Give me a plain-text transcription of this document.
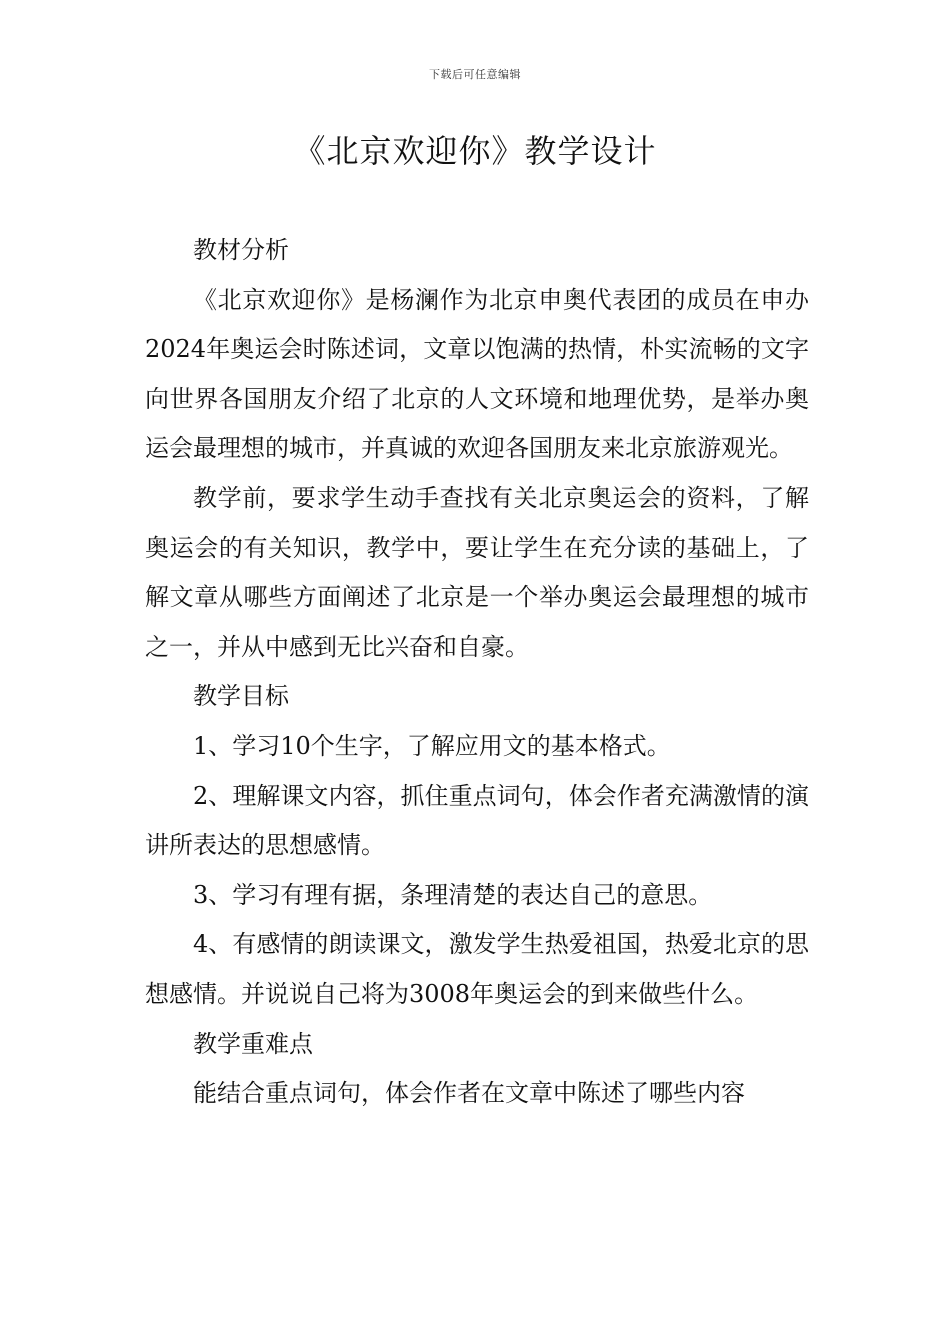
下载后可任意编辑
《北京欢迎你》教学设计

教材分析

《北京欢迎你》是杨澜作为北京申奥代表团的成员在申办2024年奥运会时陈述词，文章以饱满的热情，朴实流畅的文字向世界各国朋友介绍了北京的人文环境和地理优势，是举办奥运会最理想的城市，并真诚的欢迎各国朋友来北京旅游观光。

教学前，要求学生动手查找有关北京奥运会的资料，了解奥运会的有关知识，教学中，要让学生在充分读的基础上，了解文章从哪些方面阐述了北京是一个举办奥运会最理想的城市之一，并从中感到无比兴奋和自豪。

教学目标

1、学习10个生字，了解应用文的基本格式。

2、理解课文内容，抓住重点词句，体会作者充满激情的演讲所表达的思想感情。

3、学习有理有据，条理清楚的表达自己的意思。

4、有感情的朗读课文，激发学生热爱祖国，热爱北京的思想感情。并说说自己将为3008年奥运会的到来做些什么。

教学重难点

能结合重点词句，体会作者在文章中陈述了哪些内容
